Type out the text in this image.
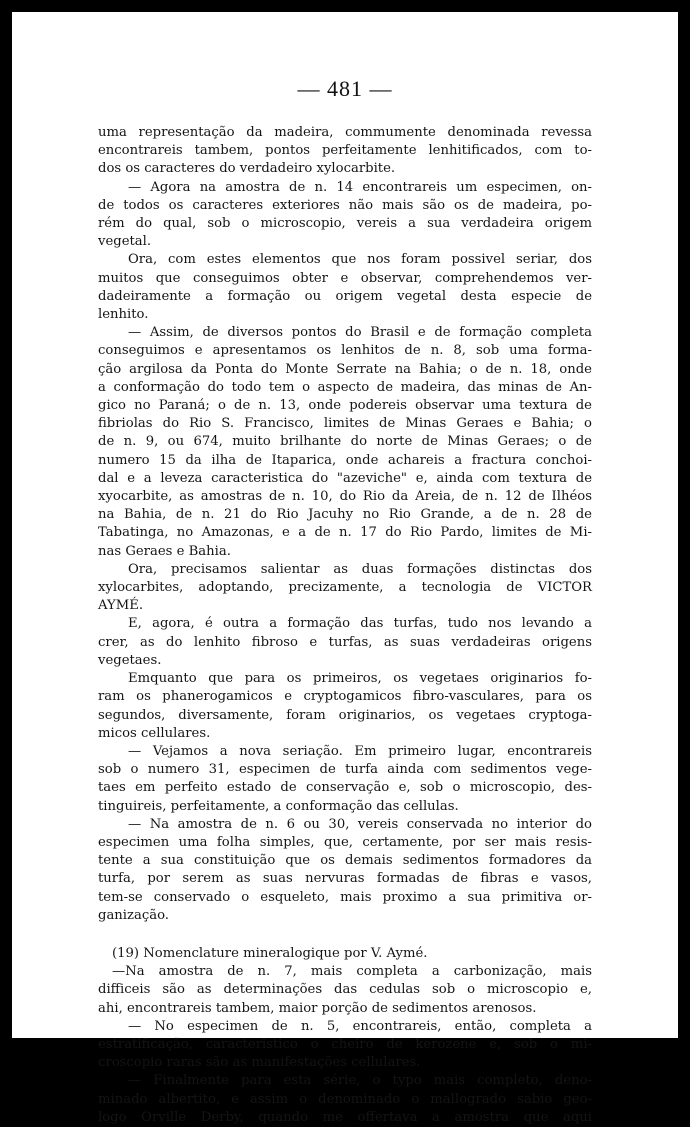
— 481 —
uma representação da madeira, commumente denominada revessa
encontrareis tambem, pontos perfeitamente lenhitificados, com to-
dos os caracteres do verdadeiro xylocarbite.
— Agora na amostra de n. 14 encontrareis um especimen, on-
de todos os caracteres exteriores não mais são os de madeira, po-
rém do qual, sob o microscopio, vereis a sua verdadeira origem
vegetal.
Ora, com estes elementos que nos foram possivel seriar, dos
muitos que conseguimos obter e observar, comprehendemos ver-
dadeiramente a formação ou origem vegetal desta especie de
lenhito.
— Assim, de diversos pontos do Brasil e de formação completa
conseguimos e apresentamos os lenhitos de n. 8, sob uma forma-
ção argilosa da Ponta do Monte Serrate na Bahia; o de n. 18, onde
a conformação do todo tem o aspecto de madeira, das minas de An-
gico no Paraná; o de n. 13, onde podereis observar uma textura de
fibriolas do Rio S. Francisco, limites de Minas Geraes e Bahia; o
de n. 9, ou 674, muito brilhante do norte de Minas Geraes; o de
numero 15 da ilha de Itaparica, onde achareis a fractura conchoi-
dal e a leveza caracteristica do "azeviche" e, ainda com textura de
xyocarbite, as amostras de n. 10, do Rio da Areia, de n. 12 de Ilhéos
na Bahia, de n. 21 do Rio Jacuhy no Rio Grande, a de n. 28 de
Tabatinga, no Amazonas, e a de n. 17 do Rio Pardo, limites de Mi-
nas Geraes e Bahia.
Ora, precisamos salientar as duas formações distinctas dos
xylocarbites, adoptando, precizamente, a tecnologia de VICTOR
AYMÉ.
E, agora, é outra a formação das turfas, tudo nos levando a
crer, as do lenhito fibroso e turfas, as suas verdadeiras origens
vegetaes.
Emquanto que para os primeiros, os vegetaes originarios fo-
ram os phanerogamicos e cryptogamicos fibro-vasculares, para os
segundos, diversamente, foram originarios, os vegetaes cryptoga-
micos cellulares.
— Vejamos a nova seriação. Em primeiro lugar, encontrareis
sob o numero 31, especimen de turfa ainda com sedimentos vege-
taes em perfeito estado de conservação e, sob o microscopio, des-
tinguireis, perfeitamente, a conformação das cellulas.
— Na amostra de n. 6 ou 30, vereis conservada no interior do
especimen uma folha simples, que, certamente, por ser mais resis-
tente a sua constituição que os demais sedimentos formadores da
turfa, por serem as suas nervuras formadas de fibras e vasos,
tem-se conservado o esqueleto, mais proximo a sua primitiva or-
ganização.
(19) Nomenclature mineralogique por V. Aymé.
—Na amostra de n. 7, mais completa a carbonização, mais
difficeis são as determinações das cedulas sob o microscopio e,
ahi, encontrareis tambem, maior porção de sedimentos arenosos.
— No especimen de n. 5, encontrareis, então, completa a
estratificação, caracteristico o cheiro de kerozene e, sob o mi-
croscopio raras são as manifestações cellulares.
— Finalmente para esta série, o typo mais completo, deno-
minado albertito, e assim o denominado o mallogrado sabio geo-
logo Orville Derby, quando me offertava a amostra que aqui
